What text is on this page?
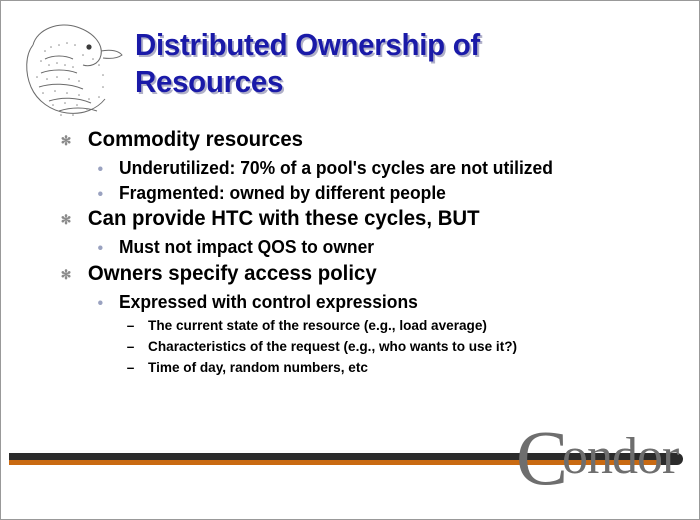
Distributed Ownership of Resources
✻ Commodity resources
• Underutilized: 70% of a pool's cycles are not utilized
• Fragmented: owned by different people
✻ Can provide HTC with these cycles, BUT
• Must not impact QOS to owner
✻ Owners specify access policy
• Expressed with control expressions
– The current state of the resource (e.g., load average)
– Characteristics of the request (e.g., who wants to use it?)
– Time of day, random numbers, etc
C
ondor
